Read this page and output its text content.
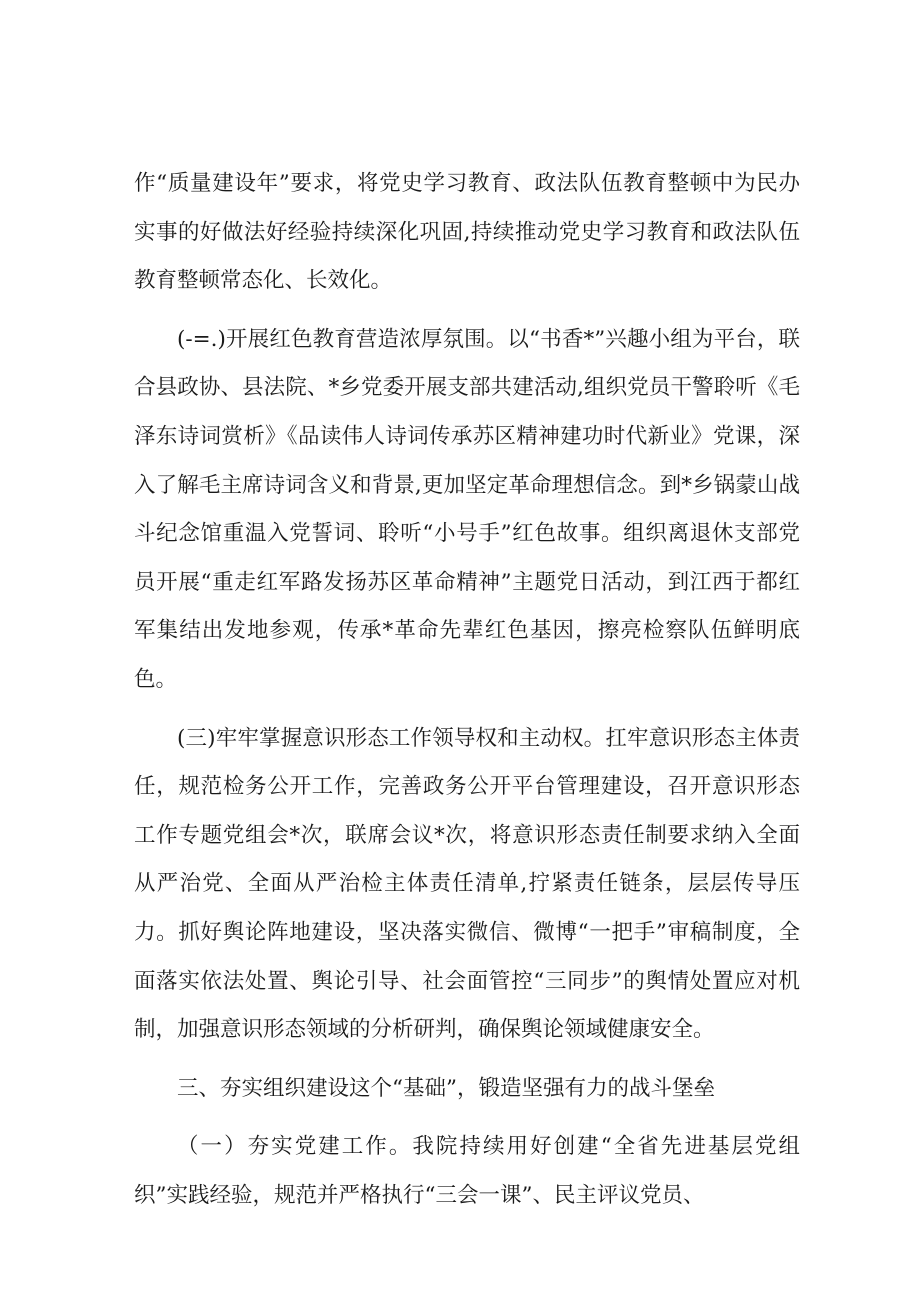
作“质量建设年”要求，将党史学习教育、政法队伍教育整顿中为民办实事的好做法好经验持续深化巩固,持续推动党史学习教育和政法队伍教育整顿常态化、长效化。

(-=.)开展红色教育营造浓厚氛围。以“书香*”兴趣小组为平台，联合县政协、县法院、*乡党委开展支部共建活动,组织党员干警聆听《毛泽东诗词赏析》《品读伟人诗词传承苏区精神建功时代新业》党课，深入了解毛主席诗词含义和背景,更加坚定革命理想信念。到*乡锅蒙山战斗纪念馆重温入党誓词、聆听“小号手”红色故事。组织离退休支部党员开展“重走红军路发扬苏区革命精神”主题党日活动，到江西于都红军集结出发地参观，传承*革命先辈红色基因，擦亮检察队伍鲜明底色。

(三)牢牢掌握意识形态工作领导权和主动权。扛牢意识形态主体责任，规范检务公开工作，完善政务公开平台管理建设，召开意识形态工作专题党组会*次，联席会议*次，将意识形态责任制要求纳入全面从严治党、全面从严治检主体责任清单,拧紧责任链条，层层传导压力。抓好舆论阵地建设，坚决落实微信、微博“一把手”审稿制度，全面落实依法处置、舆论引导、社会面管控“三同步”的舆情处置应对机制，加强意识形态领域的分析研判，确保舆论领域健康安全。

三、夯实组织建设这个“基础”，锻造坚强有力的战斗堡垒

（一）夯实党建工作。我院持续用好创建“全省先进基层党组织”实践经验，规范并严格执行“三会一课”、民主评议党员、
